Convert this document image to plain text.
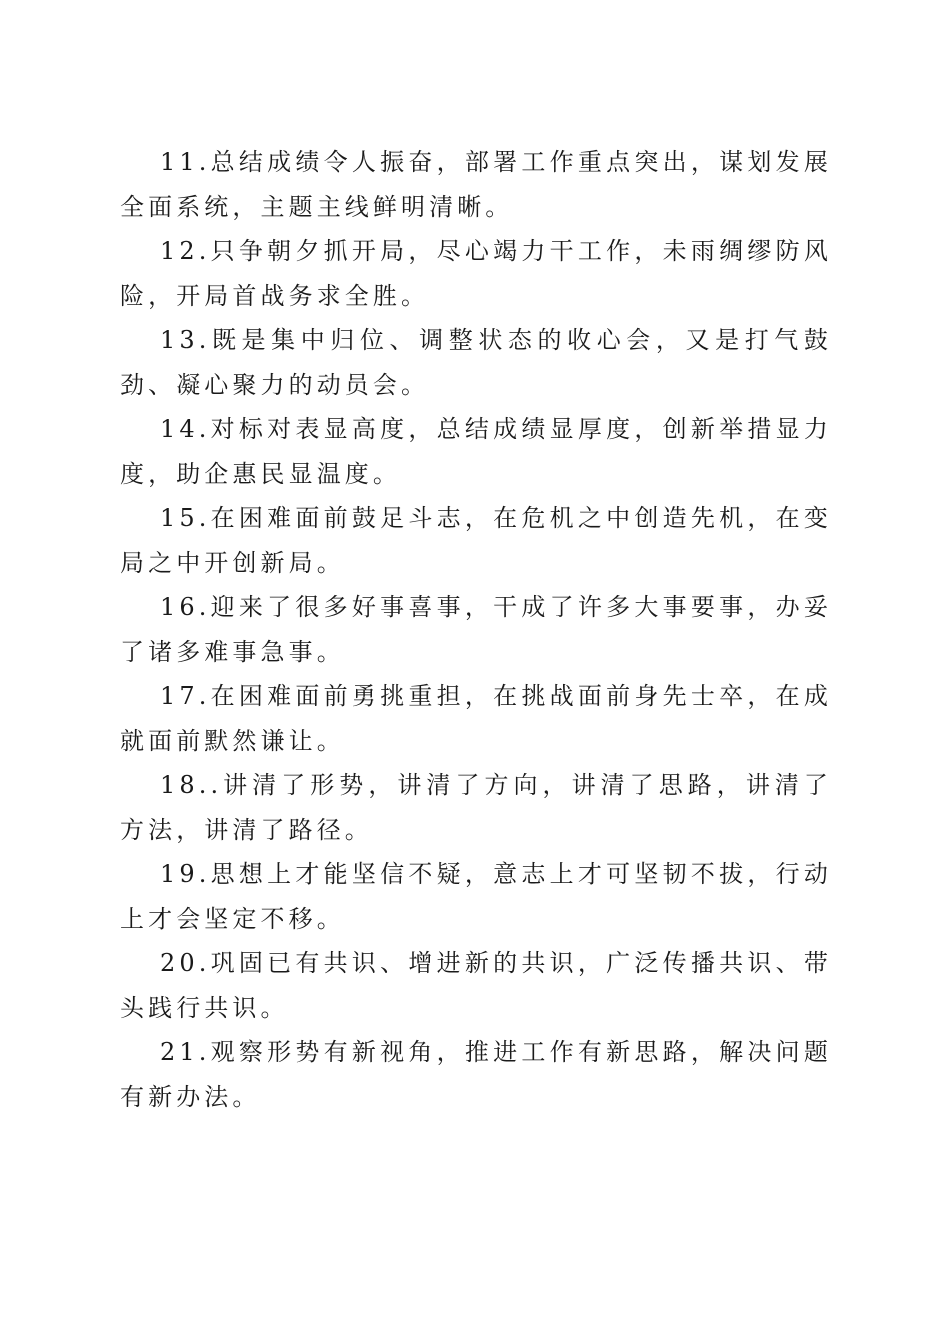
11.总结成绩令人振奋，部署工作重点突出，谋划发展全面系统，主题主线鲜明清晰。

12.只争朝夕抓开局，尽心竭力干工作，未雨绸缪防风险，开局首战务求全胜。

13.既是集中归位、调整状态的收心会，又是打气鼓劲、凝心聚力的动员会。

14.对标对表显高度，总结成绩显厚度，创新举措显力度，助企惠民显温度。

15.在困难面前鼓足斗志，在危机之中创造先机，在变局之中开创新局。

16.迎来了很多好事喜事，干成了许多大事要事，办妥了诸多难事急事。

17.在困难面前勇挑重担，在挑战面前身先士卒，在成就面前默然谦让。

18..讲清了形势，讲清了方向，讲清了思路，讲清了方法，讲清了路径。

19.思想上才能坚信不疑，意志上才可坚韧不拔，行动上才会坚定不移。

20.巩固已有共识、增进新的共识，广泛传播共识、带头践行共识。

21.观察形势有新视角，推进工作有新思路，解决问题有新办法。
